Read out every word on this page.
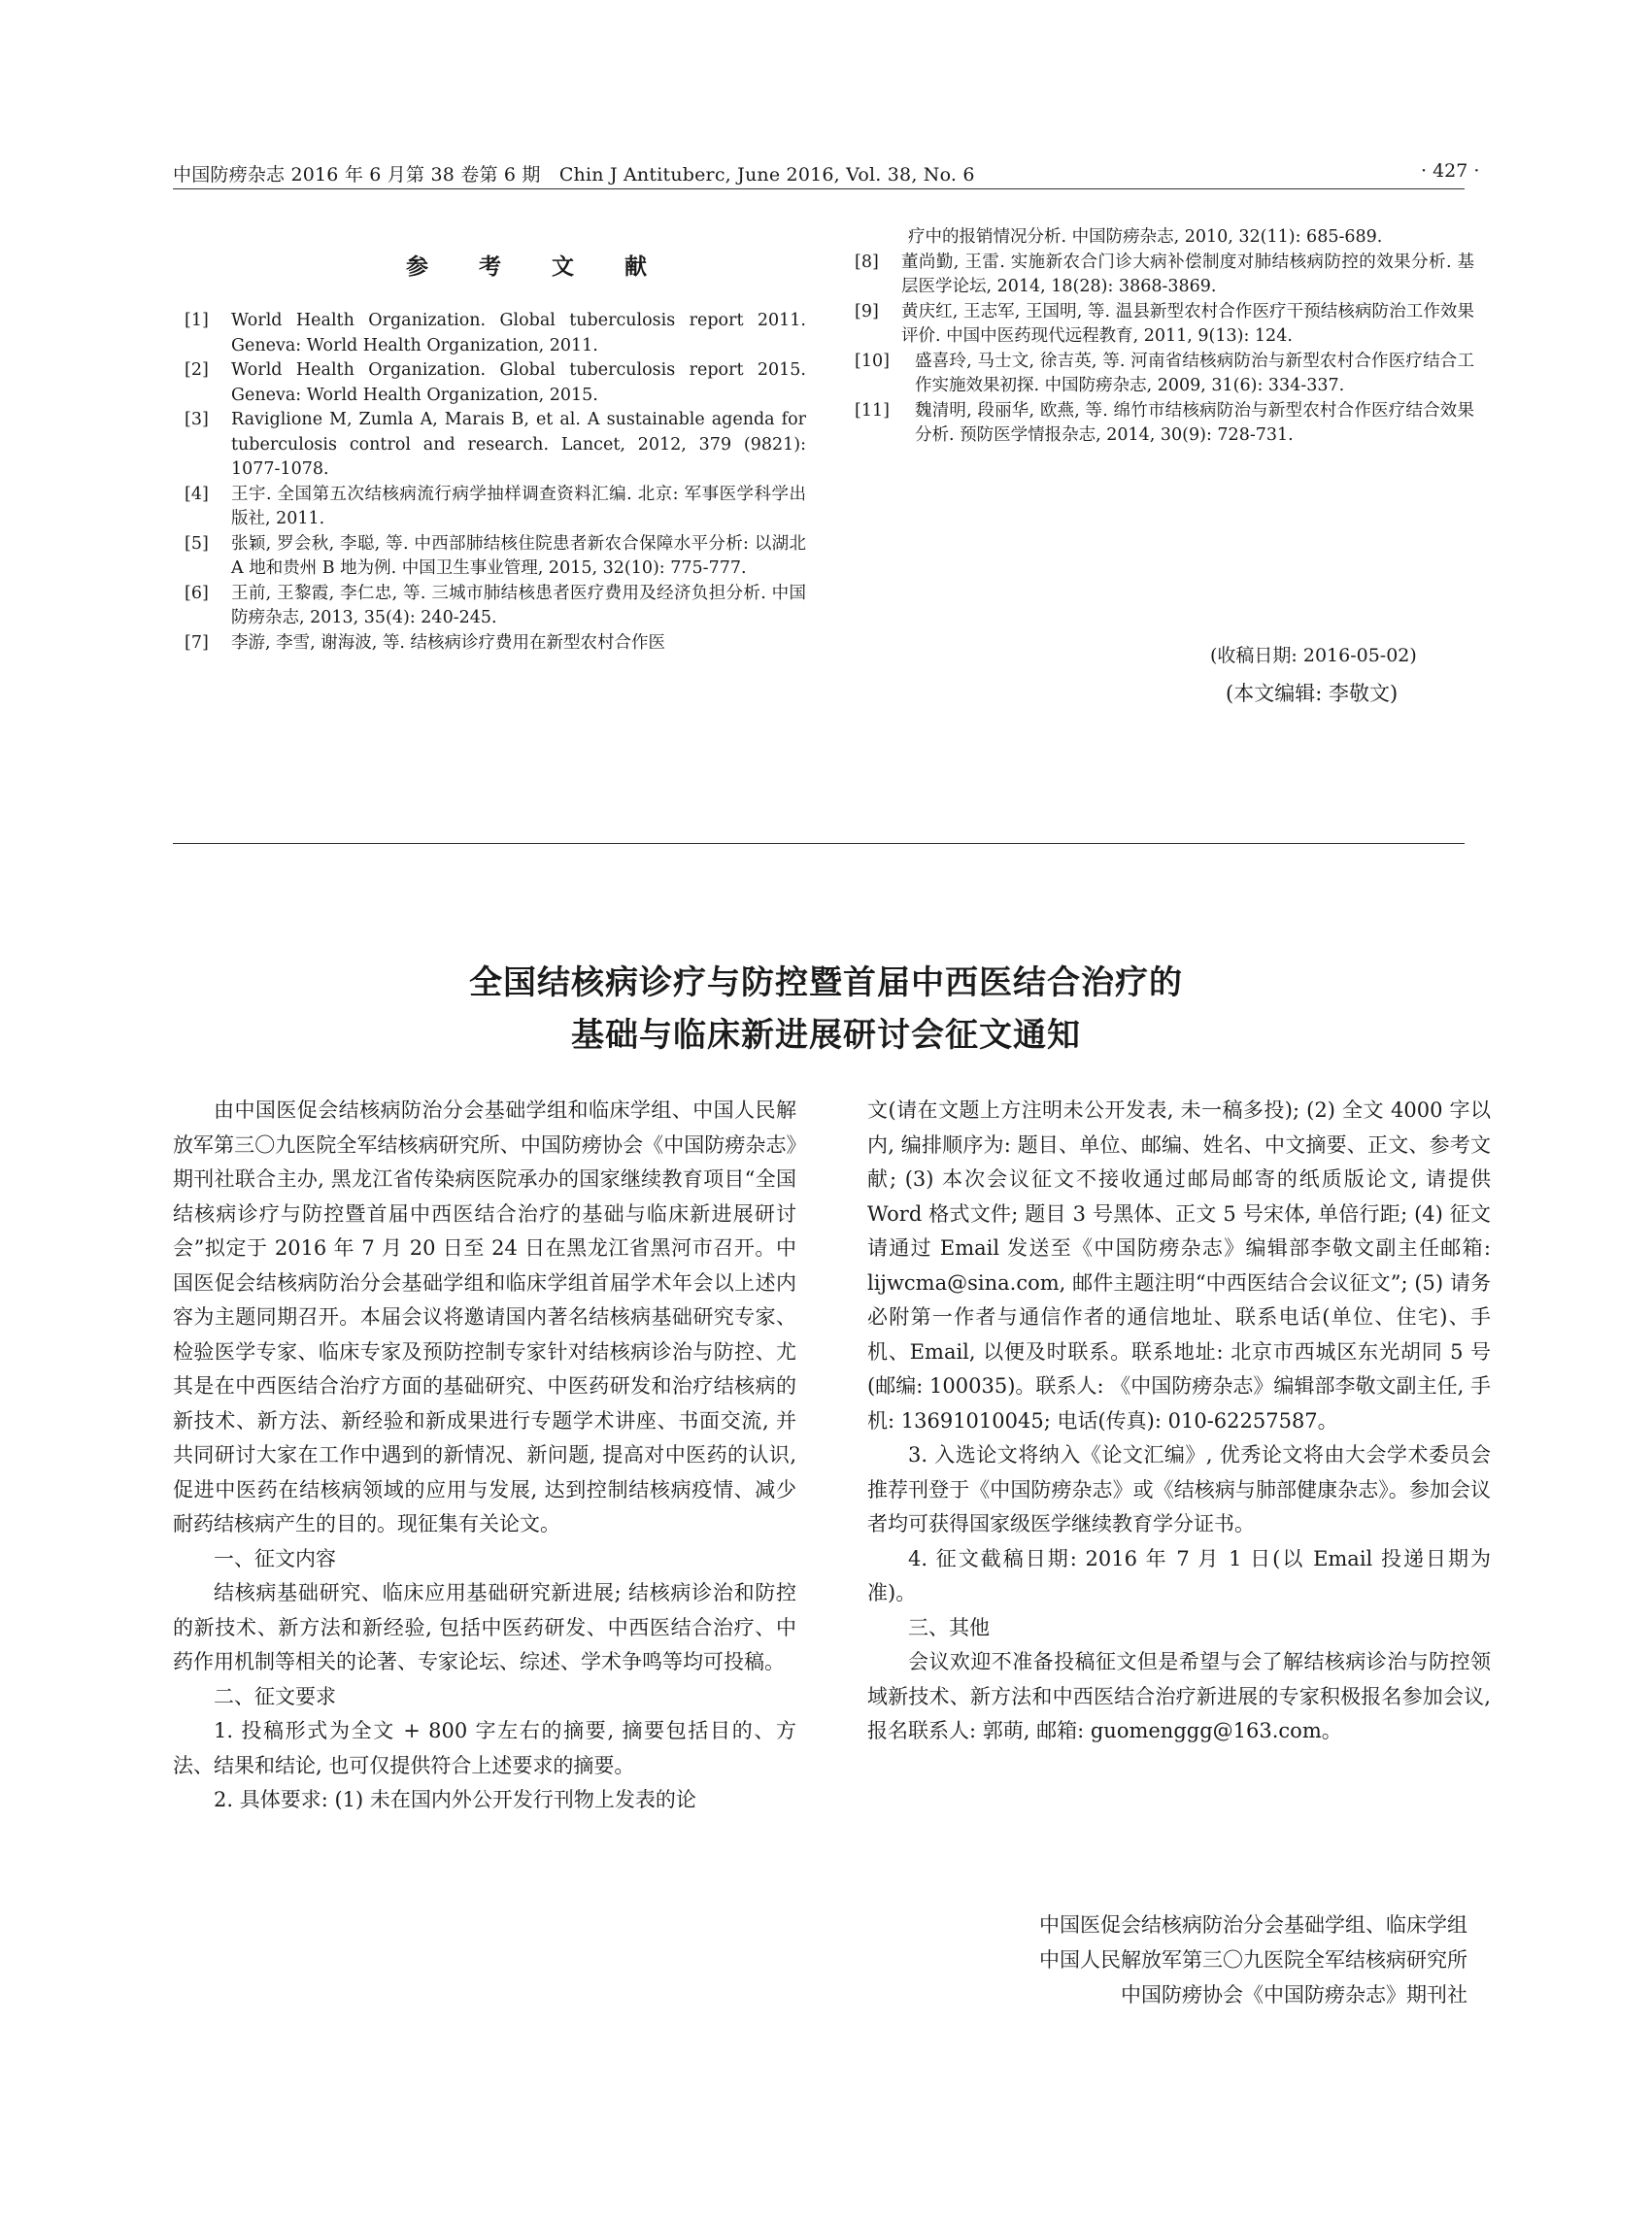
中国防痨杂志 2016 年 6 月第 38 卷第 6 期　Chin J Antituberc, June 2016, Vol. 38, No. 6	· 427 ·
参 考 文 献
[1]	World Health Organization. Global tuberculosis report 2011. Geneva: World Health Organization, 2011.
[2]	World Health Organization. Global tuberculosis report 2015. Geneva: World Health Organization, 2015.
[3]	Raviglione M, Zumla A, Marais B, et al. A sustainable agenda for tuberculosis control and research. Lancet, 2012, 379 (9821): 1077-1078.
[4]	王宇. 全国第五次结核病流行病学抽样调查资料汇编. 北京: 军事医学科学出版社, 2011.
[5]	张颖, 罗会秋, 李聪, 等. 中西部肺结核住院患者新农合保障水平分析: 以湖北 A 地和贵州 B 地为例. 中国卫生事业管理, 2015, 32(10): 775-777.
[6]	王前, 王黎霞, 李仁忠, 等. 三城市肺结核患者医疗费用及经济负担分析. 中国防痨杂志, 2013, 35(4): 240-245.
[7]	李游, 李雪, 谢海波, 等. 结核病诊疗费用在新型农村合作医
疗中的报销情况分析. 中国防痨杂志, 2010, 32(11): 685-689.
[8]	董尚勤, 王雷. 实施新农合门诊大病补偿制度对肺结核病防控的效果分析. 基层医学论坛, 2014, 18(28): 3868-3869.
[9]	黄庆红, 王志军, 王国明, 等. 温县新型农村合作医疗干预结核病防治工作效果评价. 中国中医药现代远程教育, 2011, 9(13): 124.
[10]	盛喜玲, 马士文, 徐吉英, 等. 河南省结核病防治与新型农村合作医疗结合工作实施效果初探. 中国防痨杂志, 2009, 31(6): 334-337.
[11]	魏清明, 段丽华, 欧燕, 等. 绵竹市结核病防治与新型农村合作医疗结合效果分析. 预防医学情报杂志, 2014, 30(9): 728-731.
(收稿日期: 2016-05-02)
(本文编辑: 李敬文)
全国结核病诊疗与防控暨首届中西医结合治疗的
基础与临床新进展研讨会征文通知

由中国医促会结核病防治分会基础学组和临床学组、中国人民解放军第三〇九医院全军结核病研究所、中国防痨协会《中国防痨杂志》期刊社联合主办, 黑龙江省传染病医院承办的国家继续教育项目“全国结核病诊疗与防控暨首届中西医结合治疗的基础与临床新进展研讨会”拟定于 2016 年 7 月 20 日至 24 日在黑龙江省黑河市召开。中国医促会结核病防治分会基础学组和临床学组首届学术年会以上述内容为主题同期召开。本届会议将邀请国内著名结核病基础研究专家、检验医学专家、临床专家及预防控制专家针对结核病诊治与防控、尤其是在中西医结合治疗方面的基础研究、中医药研发和治疗结核病的新技术、新方法、新经验和新成果进行专题学术讲座、书面交流, 并共同研讨大家在工作中遇到的新情况、新问题, 提高对中医药的认识, 促进中医药在结核病领域的应用与发展, 达到控制结核病疫情、减少耐药结核病产生的目的。现征集有关论文。

一、征文内容

结核病基础研究、临床应用基础研究新进展; 结核病诊治和防控的新技术、新方法和新经验, 包括中医药研发、中西医结合治疗、中药作用机制等相关的论著、专家论坛、综述、学术争鸣等均可投稿。

二、征文要求

1. 投稿形式为全文 + 800 字左右的摘要, 摘要包括目的、方法、结果和结论, 也可仅提供符合上述要求的摘要。

2. 具体要求: (1) 未在国内外公开发行刊物上发表的论

文(请在文题上方注明未公开发表, 未一稿多投); (2) 全文 4000 字以内, 编排顺序为: 题目、单位、邮编、姓名、中文摘要、正文、参考文献; (3) 本次会议征文不接收通过邮局邮寄的纸质版论文, 请提供 Word 格式文件; 题目 3 号黑体、正文 5 号宋体, 单倍行距; (4) 征文请通过 Email 发送至《中国防痨杂志》编辑部李敬文副主任邮箱: lijwcma@sina.com, 邮件主题注明“中西医结合会议征文”; (5) 请务必附第一作者与通信作者的通信地址、联系电话(单位、住宅)、手机、Email, 以便及时联系。联系地址: 北京市西城区东光胡同 5 号(邮编: 100035)。联系人: 《中国防痨杂志》编辑部李敬文副主任, 手机: 13691010045; 电话(传真): 010-62257587。

3. 入选论文将纳入《论文汇编》, 优秀论文将由大会学术委员会推荐刊登于《中国防痨杂志》或《结核病与肺部健康杂志》。参加会议者均可获得国家级医学继续教育学分证书。

4. 征文截稿日期: 2016 年 7 月 1 日(以 Email 投递日期为准)。

三、其他

会议欢迎不准备投稿征文但是希望与会了解结核病诊治与防控领域新技术、新方法和中西医结合治疗新进展的专家积极报名参加会议, 报名联系人: 郭萌, 邮箱: guomenggg@163.com。

中国医促会结核病防治分会基础学组、临床学组
中国人民解放军第三〇九医院全军结核病研究所
中国防痨协会《中国防痨杂志》期刊社
